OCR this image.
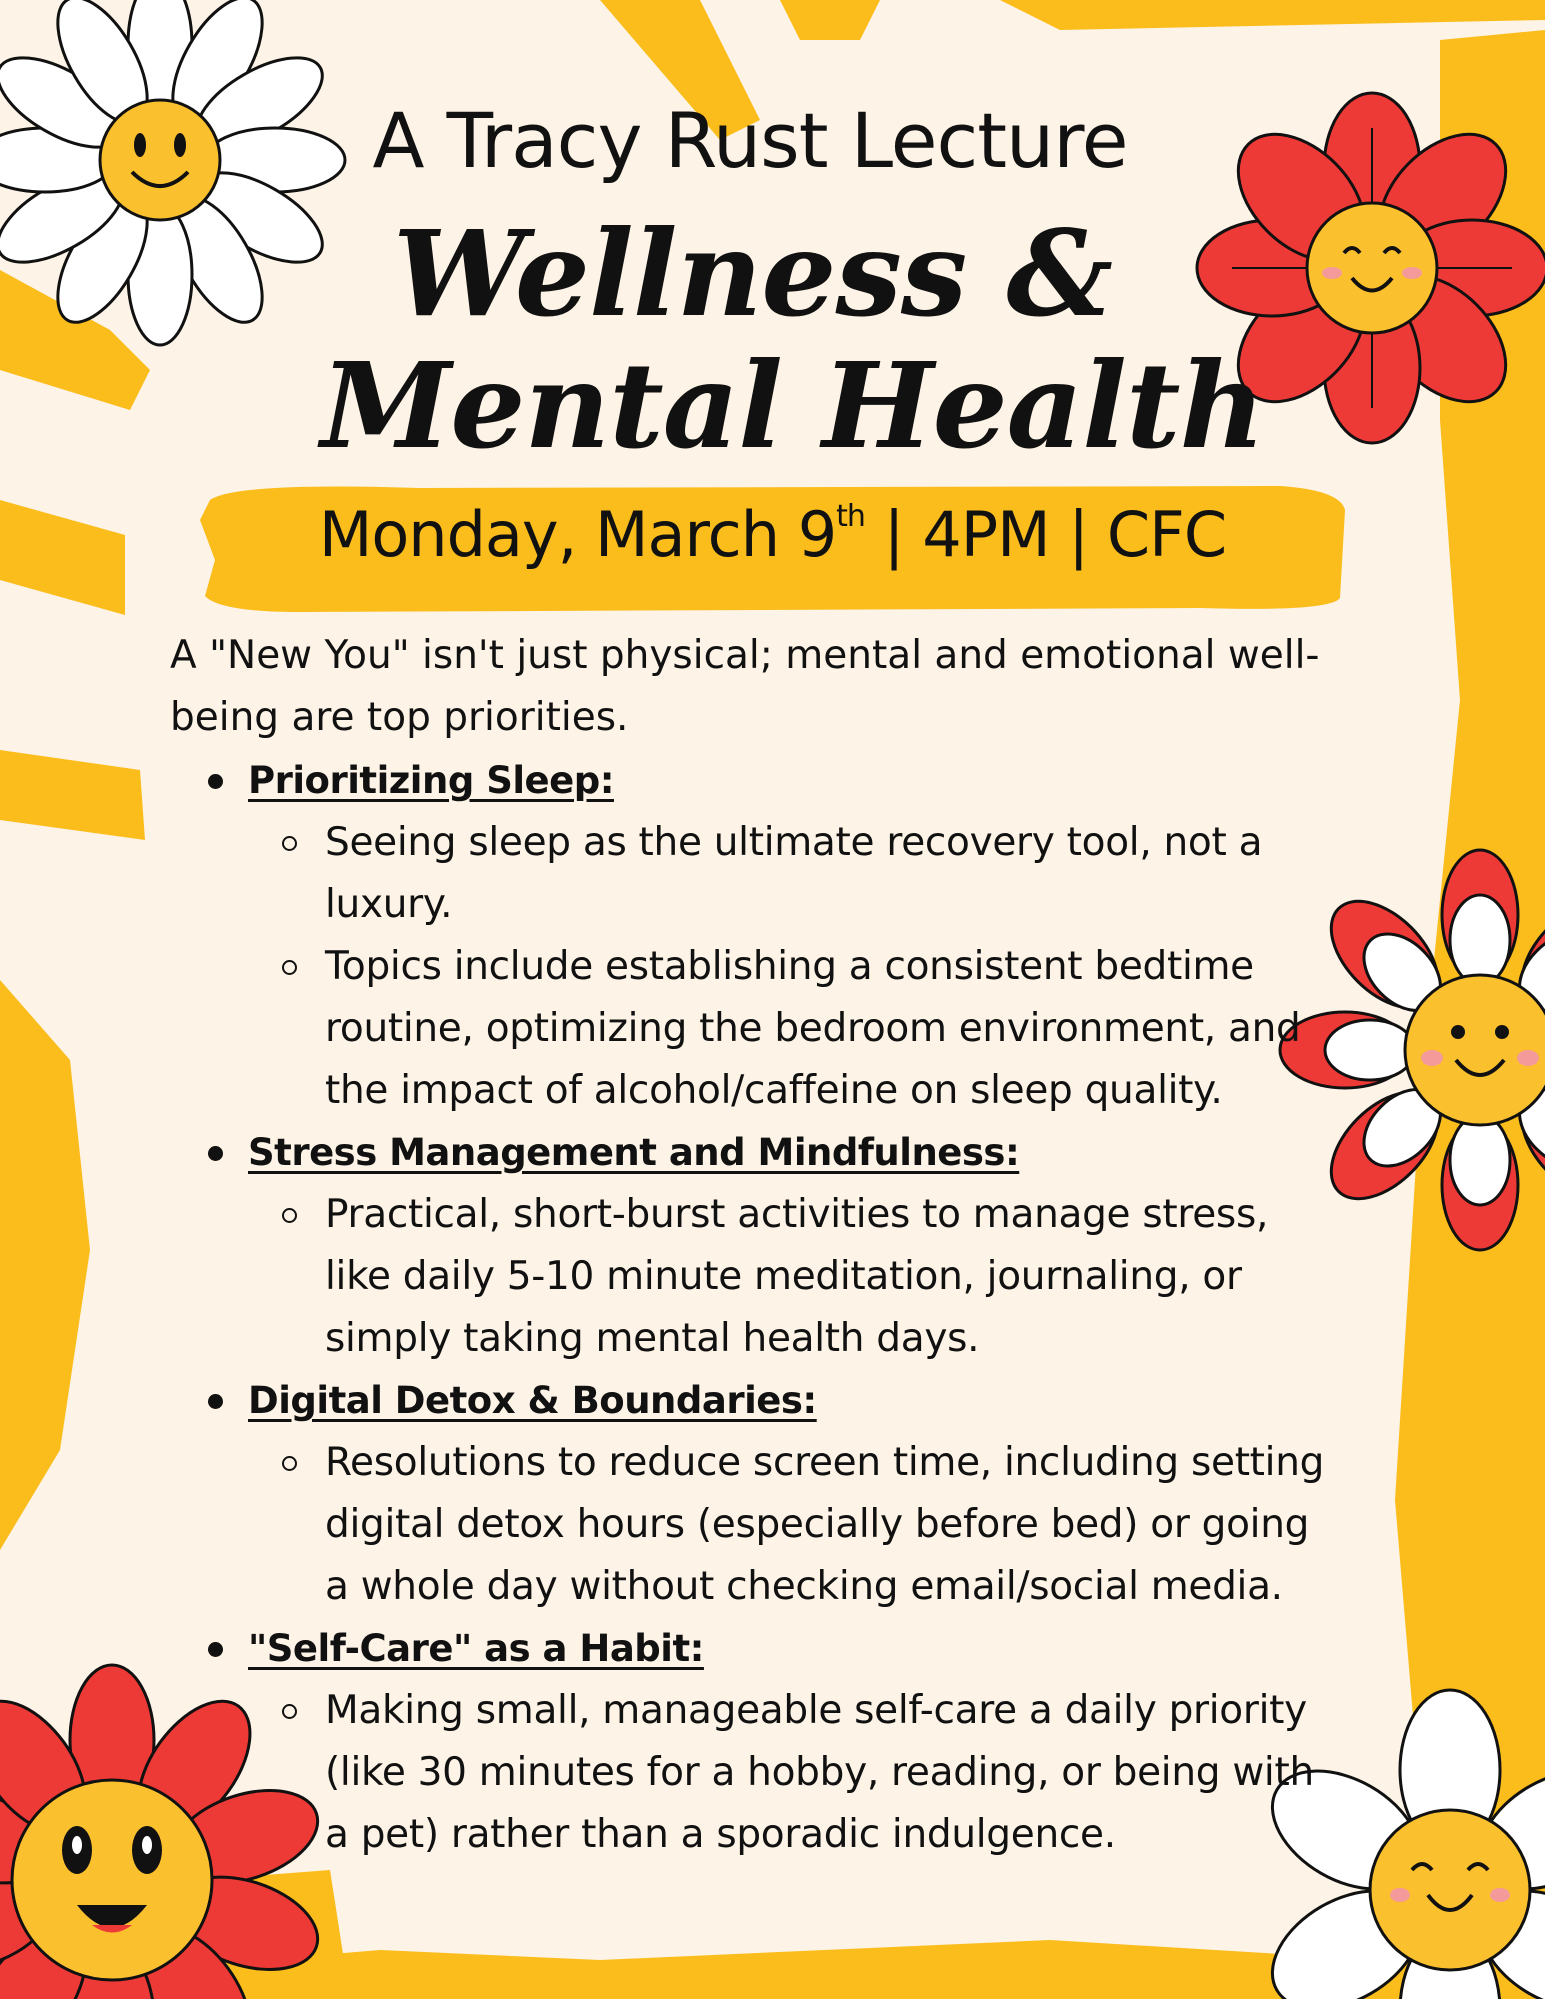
A Tracy Rust Lecture
Wellness &
Mental Health
Monday, March 9th | 4PM | CFC
A "New You" isn't just physical; mental and emotional well-being are top priorities.
Prioritizing Sleep:
Seeing sleep as the ultimate recovery tool, not a luxury.
Topics include establishing a consistent bedtime routine, optimizing the bedroom environment, and the impact of alcohol/caffeine on sleep quality.
Stress Management and Mindfulness:
Practical, short-burst activities to manage stress, like daily 5-10 minute meditation, journaling, or simply taking mental health days.
Digital Detox & Boundaries:
Resolutions to reduce screen time, including setting digital detox hours (especially before bed) or going a whole day without checking email/social media.
"Self-Care" as a Habit:
Making small, manageable self-care a daily priority (like 30 minutes for a hobby, reading, or being with a pet) rather than a sporadic indulgence.
